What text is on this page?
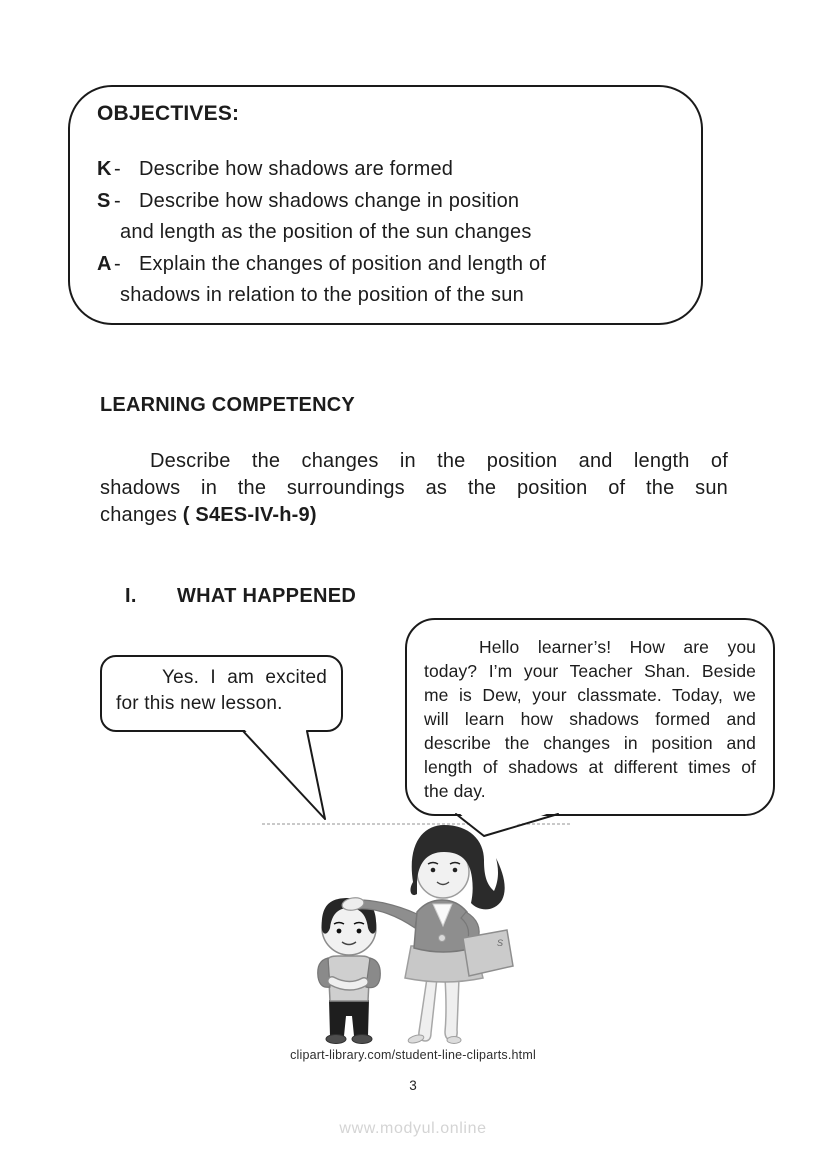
OBJECTIVES:
K - Describe how shadows are formed
S - Describe how shadows change in position
and length as the position of the sun changes
A - Explain the changes of position and length of
shadows in relation to the position of the sun
LEARNING COMPETENCY
Describe the changes in the position and length of
shadows in the surroundings as the position of the sun
changes ( S4ES-IV-h-9)
I.	WHAT HAPPENED
Yes. I am excited
for this new lesson.
Hello learner’s! How are you
today? I’m your Teacher Shan. Beside
me is Dew, your classmate. Today, we
will learn how shadows formed and
describe the changes in position and
length of shadows at different times of
the day.
S
clipart-library.com/student-line-cliparts.html
3
www.modyul.online
